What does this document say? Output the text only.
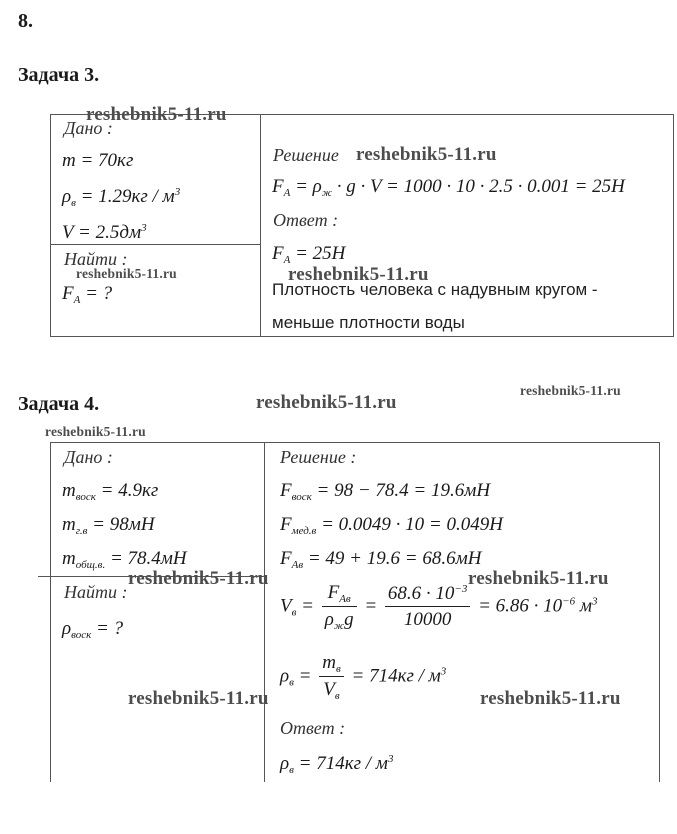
8.
Задача 3.
Дано :
m = 70кг
$\rho_в = 1.29кг / м^3$
$V = 2.5дм^3$
Найти :
$F_A$ = ?
Решение
$F_A = \rho_ж \cdot g \cdot V = 1000 \cdot 10 \cdot 2.5 \cdot 0.001 = 25H$
Ответ :
$F_A = 25H$
Плотность человека с надувным кругом -
меньше плотности воды
Задача 4.
Дано :
$m_{воск} = 4.9кг$
$m_{г.в} = 98мН$
$m_{общ.в.} = 78.4мН$
Найти :
$\rho_{воск}$ = ?
Решение :
$F_{воск} = 98 - 78.4 = 19.6мН$
$F_{мед.в} = 0.0049 \cdot 10 = 0.049H$
$F_{Ав} = 49 + 19.6 = 68.6мН$
$V_в = \frac{F_{Ав}}{\rho_жg} = \frac{68.6 \cdot 10^{-3}}{10000} = 6.86 \cdot 10^{-6}$ $м^3$
$\rho_в = \frac{m_в}{V_в} = 714кг / м^3$
Ответ :
$\rho_в = 714кг / м^3$
reshebnik5-11.ru
reshebnik5-11.ru
reshebnik5-11.ru	reshebnik5-11.ru
reshebnik5-11.ru
reshebnik5-11.ru
reshebnik5-11.ru
reshebnik5-11.ru	reshebnik5-11.ru
reshebnik5-11.ru	reshebnik5-11.ru
